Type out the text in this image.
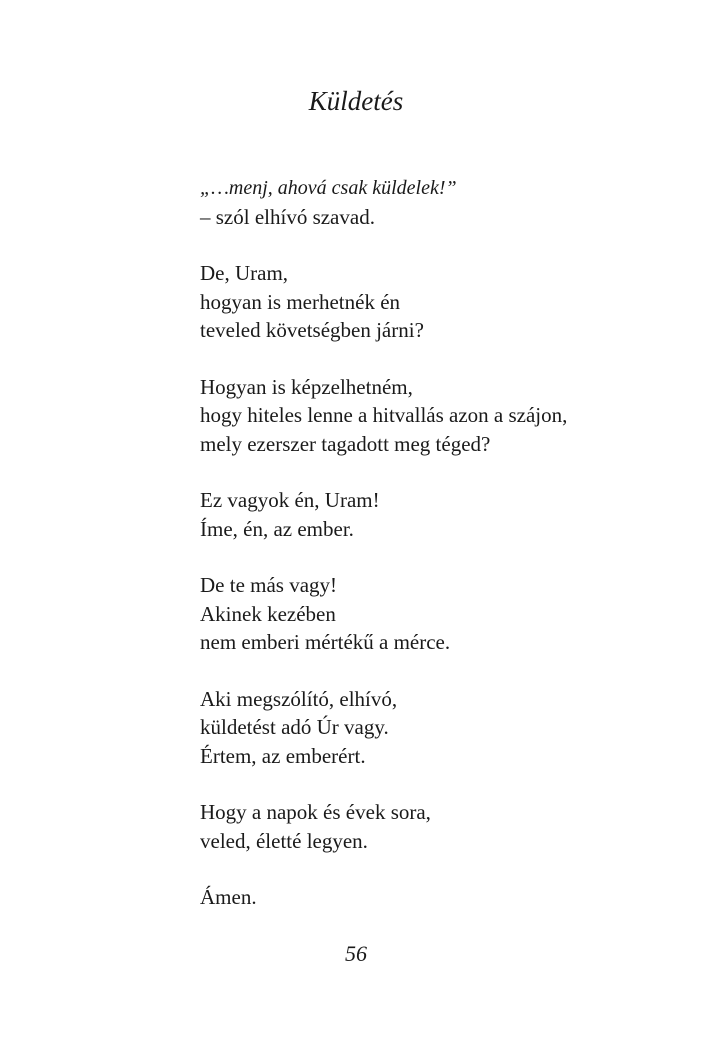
Küldetés
„…menj, ahová csak küldelek!”
– szól elhívó szavad.
De, Uram,
hogyan is merhetnék én
teveled követségben járni?
Hogyan is képzelhetném,
hogy hiteles lenne a hitvallás azon a szájon,
mely ezerszer tagadott meg téged?
Ez vagyok én, Uram!
Íme, én, az ember.
De te más vagy!
Akinek kezében
nem emberi mértékű a mérce.
Aki megszólító, elhívó,
küldetést adó Úr vagy.
Értem, az emberért.
Hogy a napok és évek sora,
veled, életté legyen.
Ámen.
56
